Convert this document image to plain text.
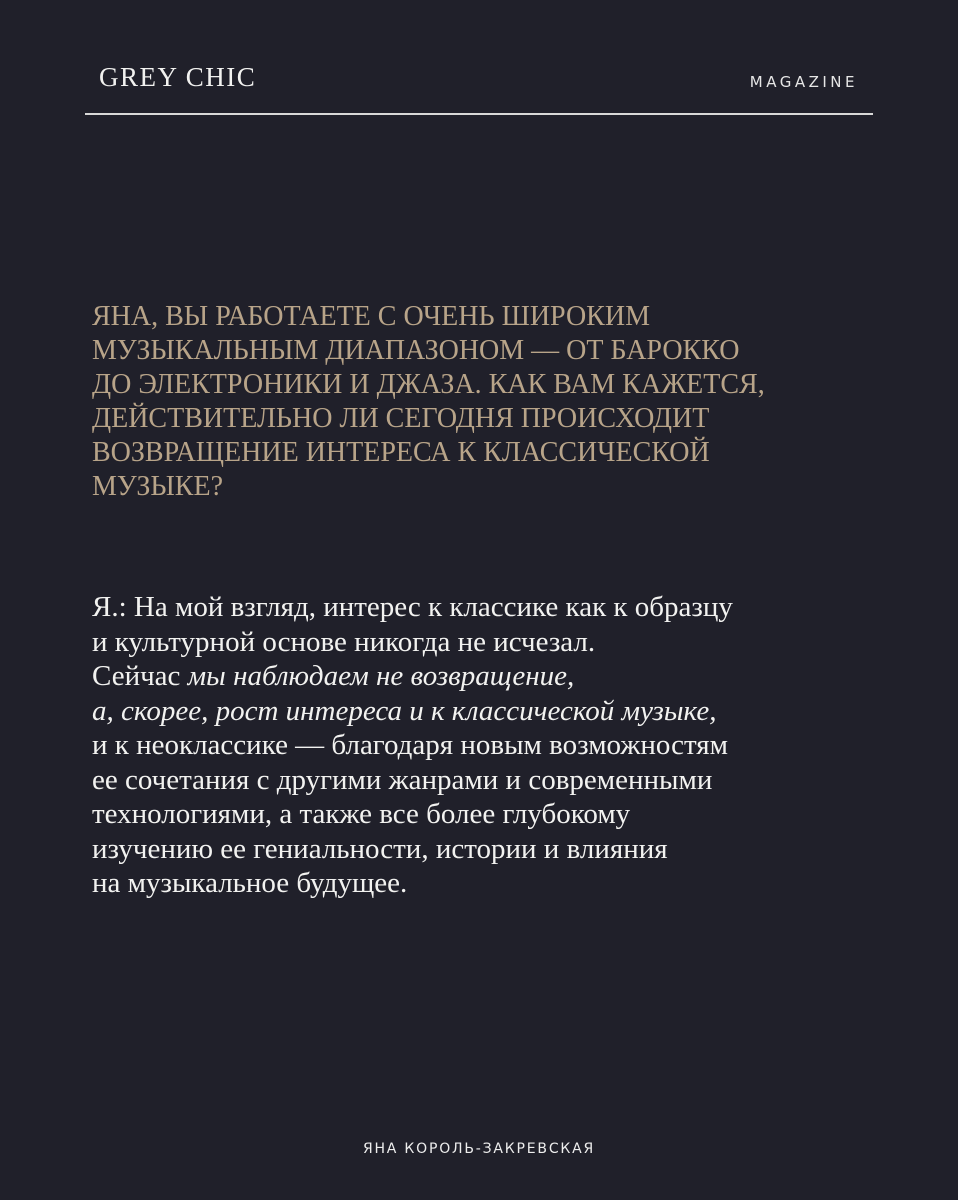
GREY CHIC	MAGAZINE
ЯНА, ВЫ РАБОТАЕТЕ С ОЧЕНЬ ШИРОКИМ
МУЗЫКАЛЬНЫМ ДИАПАЗОНОМ — ОТ БАРОККО
ДО ЭЛЕКТРОНИКИ И ДЖАЗА. КАК ВАМ КАЖЕТСЯ,
ДЕЙСТВИТЕЛЬНО ЛИ СЕГОДНЯ ПРОИСХОДИТ
ВОЗВРАЩЕНИЕ ИНТЕРЕСА К КЛАССИЧЕСКОЙ
МУЗЫКЕ?
Я.: На мой взгляд, интерес к классике как к образцу
и культурной основе никогда не исчезал.
Сейчас мы наблюдаем не возвращение,
а, скорее, рост интереса и к классической музыке,
и к неоклассике — благодаря новым возможностям
ее сочетания с другими жанрами и современными
технологиями, а также все более глубокому
изучению ее гениальности, истории и влияния
на музыкальное будущее.
ЯНА КОРОЛЬ-ЗАКРЕВСКАЯ
